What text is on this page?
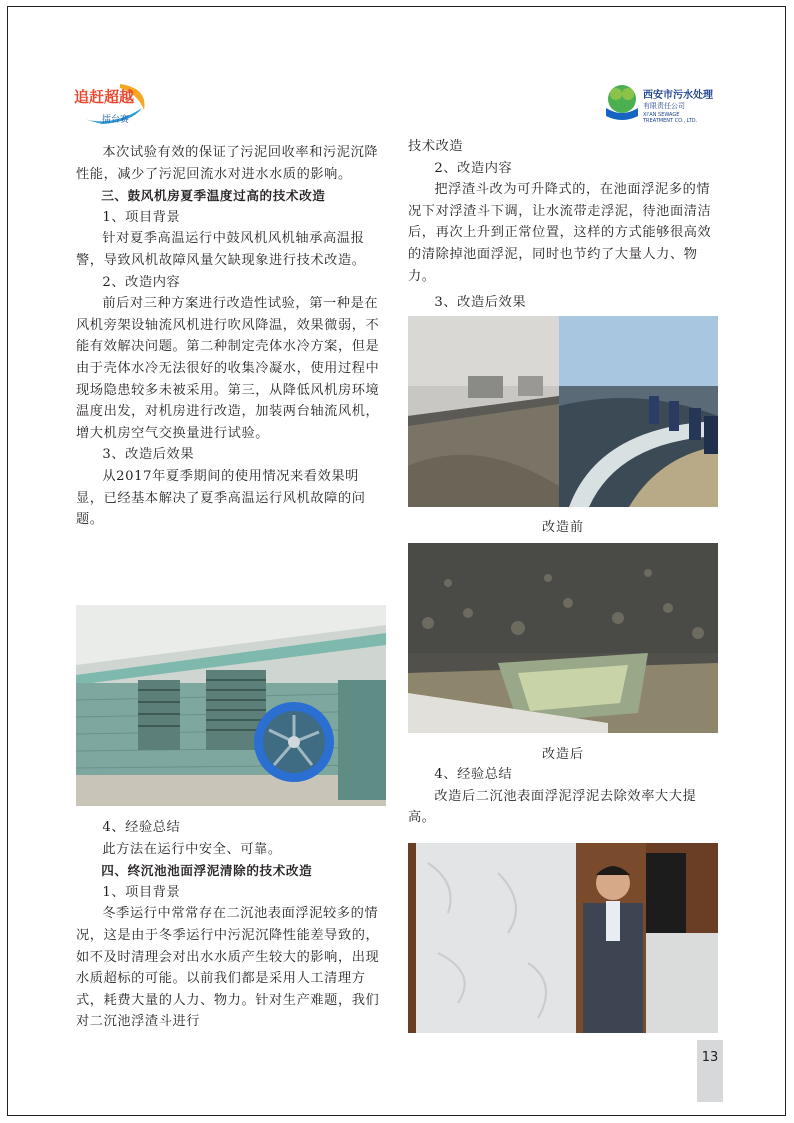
追赶超越
擂台赛
西安市污水处理
有限责任公司
XI'AN SEWAGE
TREATMENT CO., LTD.

本次试验有效的保证了污泥回收率和污泥沉降性能，减少了污泥回流水对进水水质的影响。

三、鼓风机房夏季温度过高的技术改造

1、项目背景

针对夏季高温运行中鼓风机风机轴承高温报警，导致风机故障风量欠缺现象进行技术改造。

2、改造内容

前后对三种方案进行改造性试验，第一种是在风机旁架设轴流风机进行吹风降温，效果微弱，不能有效解决问题。第二种制定壳体水冷方案，但是由于壳体水冷无法很好的收集冷凝水，使用过程中现场隐患较多未被采用。第三，从降低风机房环境温度出发，对机房进行改造，加装两台轴流风机，增大机房空气交换量进行试验。

3、改造后效果

从2017年夏季期间的使用情况来看效果明显，已经基本解决了夏季高温运行风机故障的问题。

4、经验总结

此方法在运行中安全、可靠。

四、终沉池池面浮泥清除的技术改造

1、项目背景

冬季运行中常常存在二沉池表面浮泥较多的情况，这是由于冬季运行中污泥沉降性能差导致的，如不及时清理会对出水水质产生较大的影响，出现水质超标的可能。以前我们都是采用人工清理方式，耗费大量的人力、物力。针对生产难题，我们对二沉池浮渣斗进行

技术改造

2、改造内容

把浮渣斗改为可升降式的，在池面浮泥多的情况下对浮渣斗下调，让水流带走浮泥，待池面清洁后，再次上升到正常位置，这样的方式能够很高效的清除掉池面浮泥，同时也节约了大量人力、物力。

3、改造后效果

改造前
改造后

4、经验总结

改造后二沉池表面浮泥浮泥去除效率大大提高。

13
